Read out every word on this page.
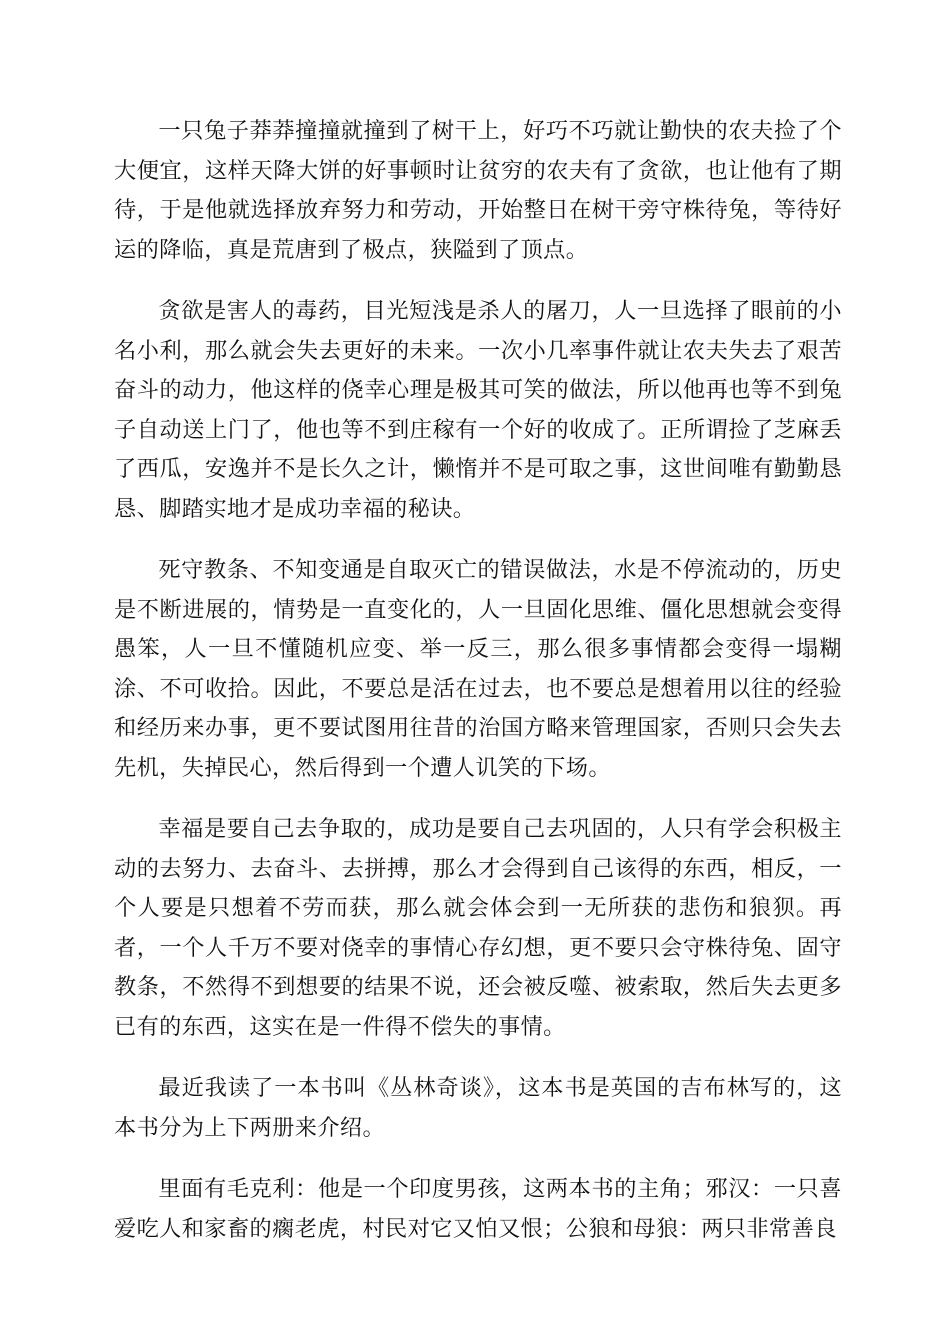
一只兔子莽莽撞撞就撞到了树干上，好巧不巧就让勤快的农夫捡了个大便宜，这样天降大饼的好事顿时让贫穷的农夫有了贪欲，也让他有了期待，于是他就选择放弃努力和劳动，开始整日在树干旁守株待兔，等待好运的降临，真是荒唐到了极点，狭隘到了顶点。

贪欲是害人的毒药，目光短浅是杀人的屠刀，人一旦选择了眼前的小名小利，那么就会失去更好的未来。一次小几率事件就让农夫失去了艰苦奋斗的动力，他这样的侥幸心理是极其可笑的做法，所以他再也等不到兔子自动送上门了，他也等不到庄稼有一个好的收成了。正所谓捡了芝麻丢了西瓜，安逸并不是长久之计，懒惰并不是可取之事，这世间唯有勤勤恳恳、脚踏实地才是成功幸福的秘诀。

死守教条、不知变通是自取灭亡的错误做法，水是不停流动的，历史是不断进展的，情势是一直变化的，人一旦固化思维、僵化思想就会变得愚笨，人一旦不懂随机应变、举一反三，那么很多事情都会变得一塌糊涂、不可收拾。因此，不要总是活在过去，也不要总是想着用以往的经验和经历来办事，更不要试图用往昔的治国方略来管理国家，否则只会失去先机，失掉民心，然后得到一个遭人讥笑的下场。

幸福是要自己去争取的，成功是要自己去巩固的，人只有学会积极主动的去努力、去奋斗、去拼搏，那么才会得到自己该得的东西，相反，一个人要是只想着不劳而获，那么就会体会到一无所获的悲伤和狼狈。再者，一个人千万不要对侥幸的事情心存幻想，更不要只会守株待兔、固守教条，不然得不到想要的结果不说，还会被反噬、被索取，然后失去更多已有的东西，这实在是一件得不偿失的事情。

最近我读了一本书叫《丛林奇谈》，这本书是英国的吉布林写的，这本书分为上下两册来介绍。

里面有毛克利：他是一个印度男孩，这两本书的主角；邪汉：一只喜爱吃人和家畜的瘸老虎，村民对它又怕又恨；公狼和母狼：两只非常善良
